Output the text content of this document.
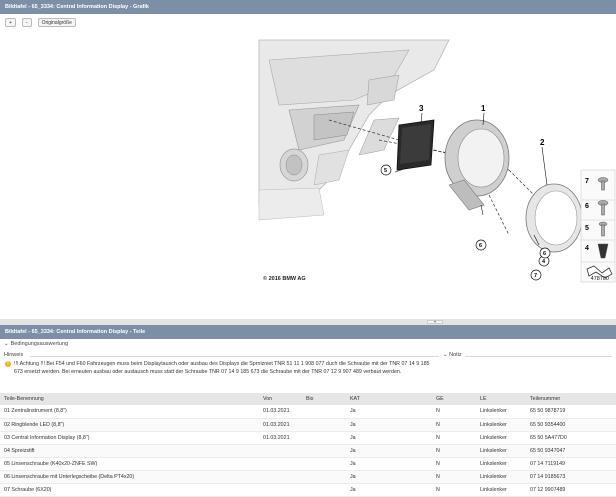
Bildtafel - 65_3334: Central Information Display - Grafik
+	-	Originalgröße
3	1
2
5
6
4
6
7
7
6
5
4
© 2016 BMW AG	478780
▾
Bildtafel - 65_3334: Central Information Display - Teile
⌄ Bedingungsauswertung
Hinweis	⌄ Notiz
! !!! Achtung !!! Bei F54 und F60 Fahrzeugen muss beim Displaytausch oder ausbau des Displays die Sprnizniet TNR 51 11 1 908 077 duch die Schraube mit der TNR 07 14 9 185 673 ersetzt werden. Bei erneuten ausbau oder austausch muss statt der Schraube TNR 07 14 9 185 673 die Schraube mit der TNR 07 12 9 907 489 verbaut werden.
Teile-Benennung	Von	Bis	KAT	GE	LE	Teilenummer
01 Zentralinstrument (8,8")	01.03.2021		Ja	N	Linkslenker	65 50 9878719
02 Ringblende LED (8,8")	01.03.2021		Ja	N	Linkslenker	65 50 9354400
03 Central Information Display (8,8")	01.03.2021		Ja	N	Linkslenker	65 50 5A477D0
04 Spreizstift			Ja	N	Linkslenker	65 50 9347047
05 Linsenschraube (K40x20-ZNFE SW)			Ja	N	Linkslenker	07 14 7119149
06 Linsenschraube mit Unterlegscheibe (Delta PT4x20)			Ja	N	Linkslenker	07 14 9185673
07 Schraube (6X20)			Ja	N	Linkslenker	07 12 9907489
